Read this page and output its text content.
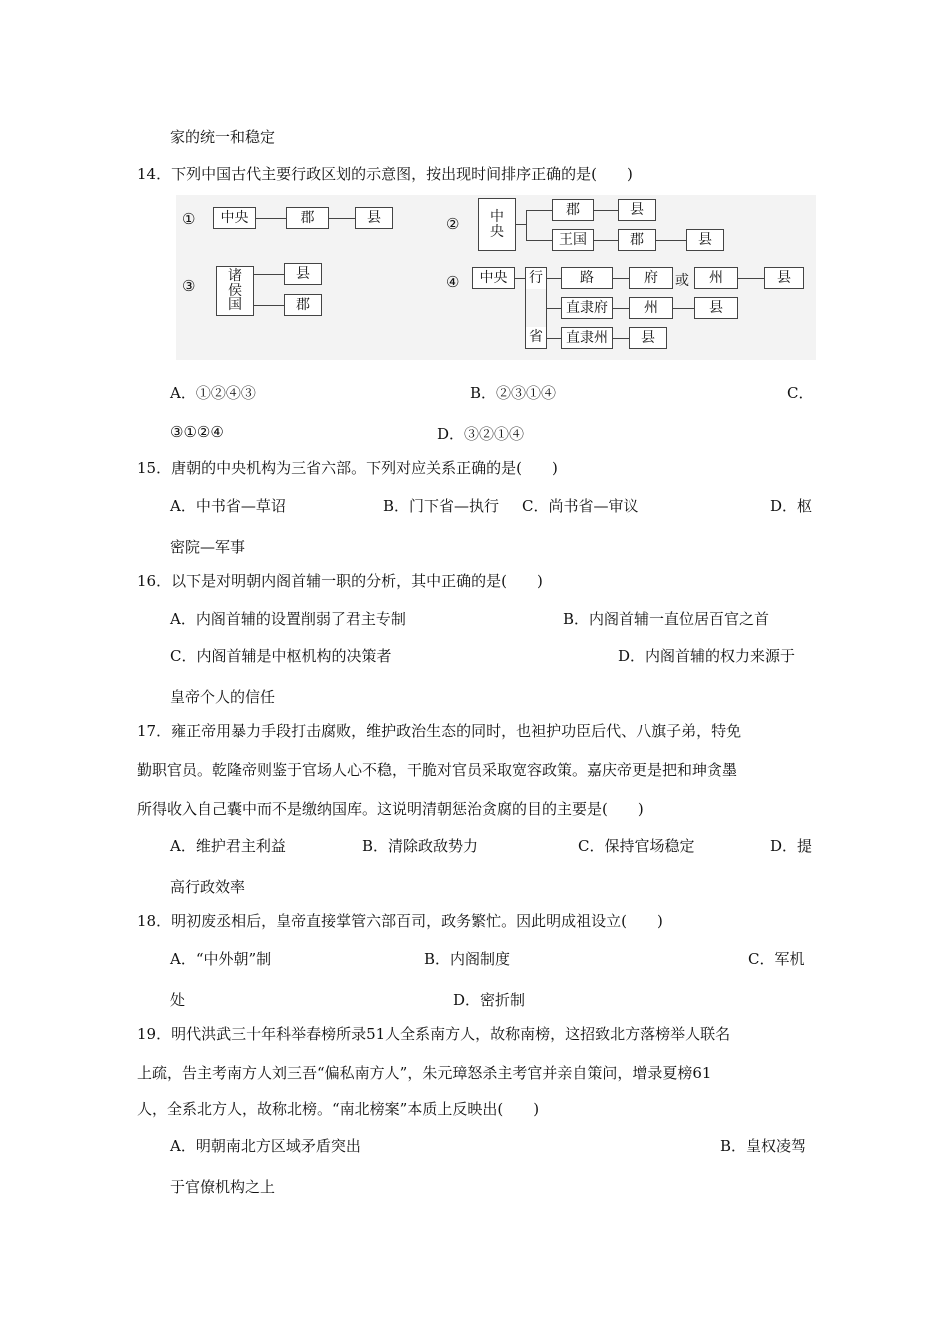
家的统一和稳定
14．下列中国古代主要行政区划的示意图，按出现时间排序正确的是(　　)
①	中央	郡	县	② 中
央
郡	县
王国	郡	县
③
诸
侯
国
县
郡
④	中央	行
省
路	府	或	州	县
直隶府	州	县
直隶州	县
A．①②④③	B．②③①④	C．
③①②④	D．③②①④
15．唐朝的中央机构为三省六部。下列对应关系正确的是(　　)
A．中书省—草诏	B．门下省—执行 C．尚书省—审议	D．枢
密院—军事
16．以下是对明朝内阁首辅一职的分析，其中正确的是(　　)
A．内阁首辅的设置削弱了君主专制	B．内阁首辅一直位居百官之首
C．内阁首辅是中枢机构的决策者	D．内阁首辅的权力来源于
皇帝个人的信任
17．雍正帝用暴力手段打击腐败，维护政治生态的同时，也袒护功臣后代、八旗子弟，特免
勤职官员。乾隆帝则鉴于官场人心不稳，干脆对官员采取宽容政策。嘉庆帝更是把和珅贪墨
所得收入自己囊中而不是缴纳国库。这说明清朝惩治贪腐的目的主要是(　　)
A．维护君主利益	B．清除政敌势力	C．保持官场稳定	D．提
高行政效率
18．明初废丞相后，皇帝直接掌管六部百司，政务繁忙。因此明成祖设立(　　)
A．“中外朝”制	B．内阁制度	C．军机
处	D．密折制
19．明代洪武三十年科举春榜所录51人全系南方人，故称南榜，这招致北方落榜举人联名
上疏，告主考南方人刘三吾“偏私南方人”，朱元璋怒杀主考官并亲自策问，增录夏榜61
人，全系北方人，故称北榜。“南北榜案”本质上反映出(　　)
A．明朝南北方区域矛盾突出	B．皇权凌驾
于官僚机构之上
